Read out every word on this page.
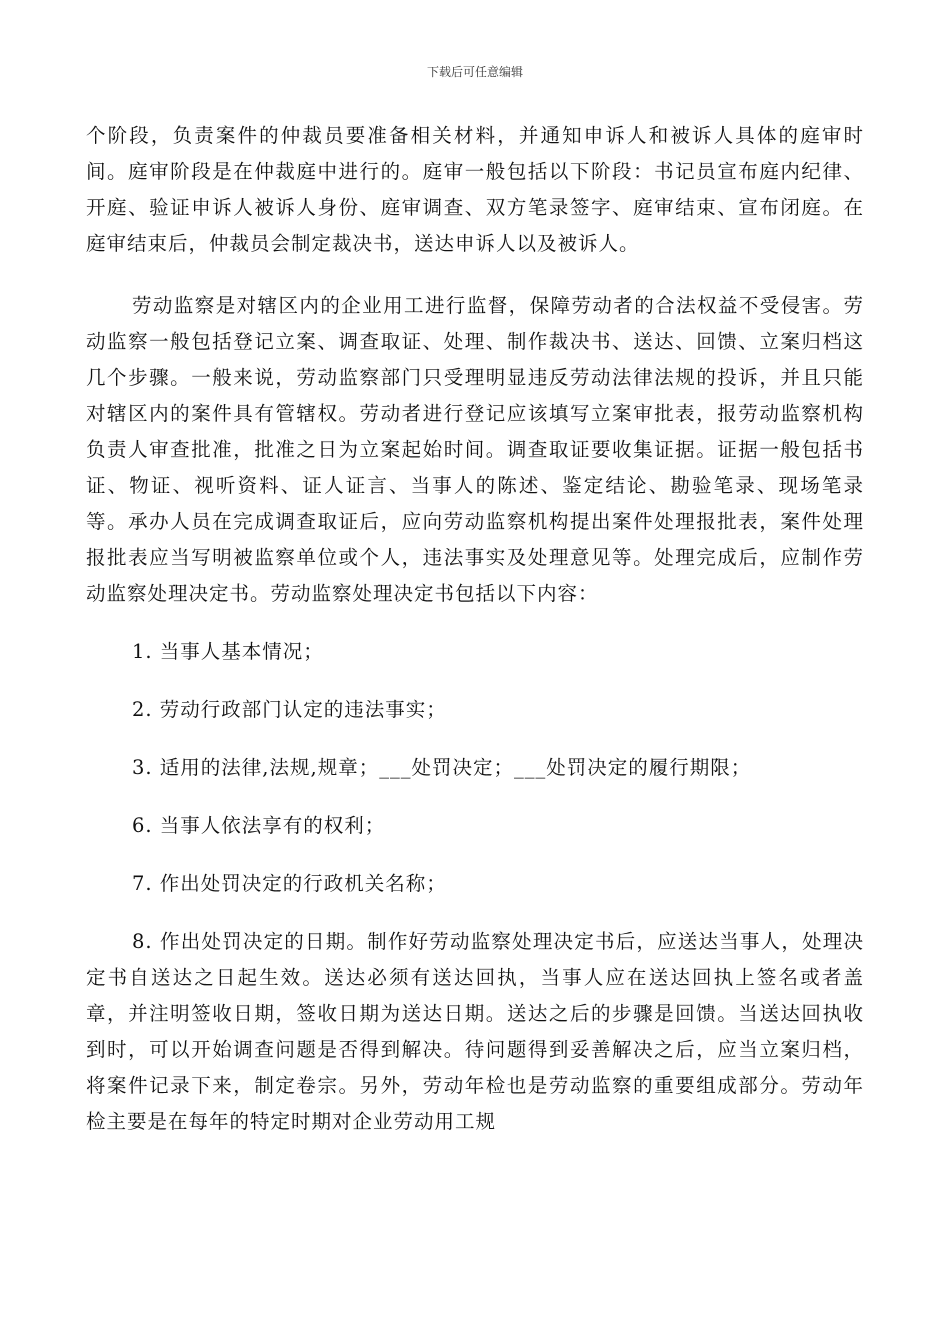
下载后可任意编辑

个阶段，负责案件的仲裁员要准备相关材料，并通知申诉人和被诉人具体的庭审时间。庭审阶段是在仲裁庭中进行的。庭审一般包括以下阶段：书记员宣布庭内纪律、开庭、验证申诉人被诉人身份、庭审调查、双方笔录签字、庭审结束、宣布闭庭。在庭审结束后，仲裁员会制定裁决书，送达申诉人以及被诉人。

劳动监察是对辖区内的企业用工进行监督，保障劳动者的合法权益不受侵害。劳动监察一般包括登记立案、调查取证、处理、制作裁决书、送达、回馈、立案归档这几个步骤。一般来说，劳动监察部门只受理明显违反劳动法律法规的投诉，并且只能对辖区内的案件具有管辖权。劳动者进行登记应该填写立案审批表，报劳动监察机构负责人审查批准，批准之日为立案起始时间。调查取证要收集证据。证据一般包括书证、物证、视听资料、证人证言、当事人的陈述、鉴定结论、勘验笔录、现场笔录等。承办人员在完成调查取证后，应向劳动监察机构提出案件处理报批表，案件处理报批表应当写明被监察单位或个人，违法事实及处理意见等。处理完成后，应制作劳动监察处理决定书。劳动监察处理决定书包括以下内容：

1. 当事人基本情况；

2. 劳动行政部门认定的违法事实；

3. 适用的法律,法规,规章；___处罚决定；___处罚决定的履行期限；

6. 当事人依法享有的权利；

7. 作出处罚决定的行政机关名称；

8. 作出处罚决定的日期。制作好劳动监察处理决定书后，应送达当事人，处理决定书自送达之日起生效。送达必须有送达回执，当事人应在送达回执上签名或者盖章，并注明签收日期，签收日期为送达日期。送达之后的步骤是回馈。当送达回执收到时，可以开始调查问题是否得到解决。待问题得到妥善解决之后，应当立案归档，将案件记录下来，制定卷宗。另外，劳动年检也是劳动监察的重要组成部分。劳动年检主要是在每年的特定时期对企业劳动用工规
